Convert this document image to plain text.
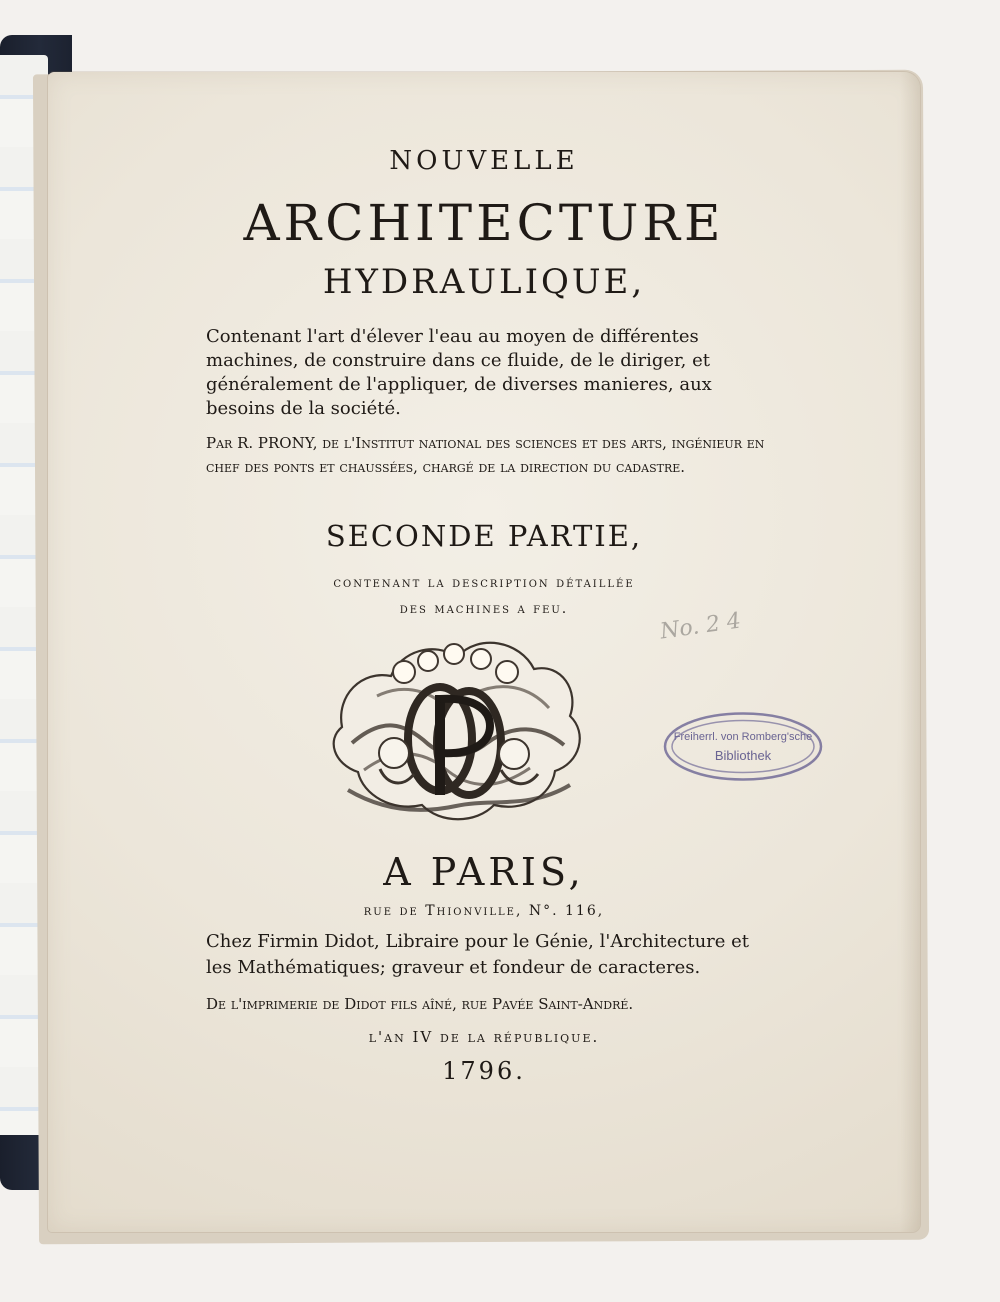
NOUVELLE
ARCHITECTURE
HYDRAULIQUE,

Contenant l'art d'élever l'eau au moyen de différentes machines, de construire dans ce fluide, de le diriger, et généralement de l'appliquer, de diverses manieres, aux besoins de la société.

Par R. PRONY, de l'Institut national des sciences et des arts, ingénieur en chef des ponts et chaussées, chargé de la direction du cadastre.

SECONDE PARTIE,

contenant la description détaillée
des machines a feu.	No. 2 4
Freiherrl. von Romberg'sche
Bibliothek
A PARIS,

rue de Thionville, N°. 116,

Chez Firmin Didot, Libraire pour le Génie, l'Architecture et les Mathématiques; graveur et fondeur de caracteres.

De l'imprimerie de Didot fils aîné, rue Pavée Saint-André.

l'an IV de la république.

1796.
